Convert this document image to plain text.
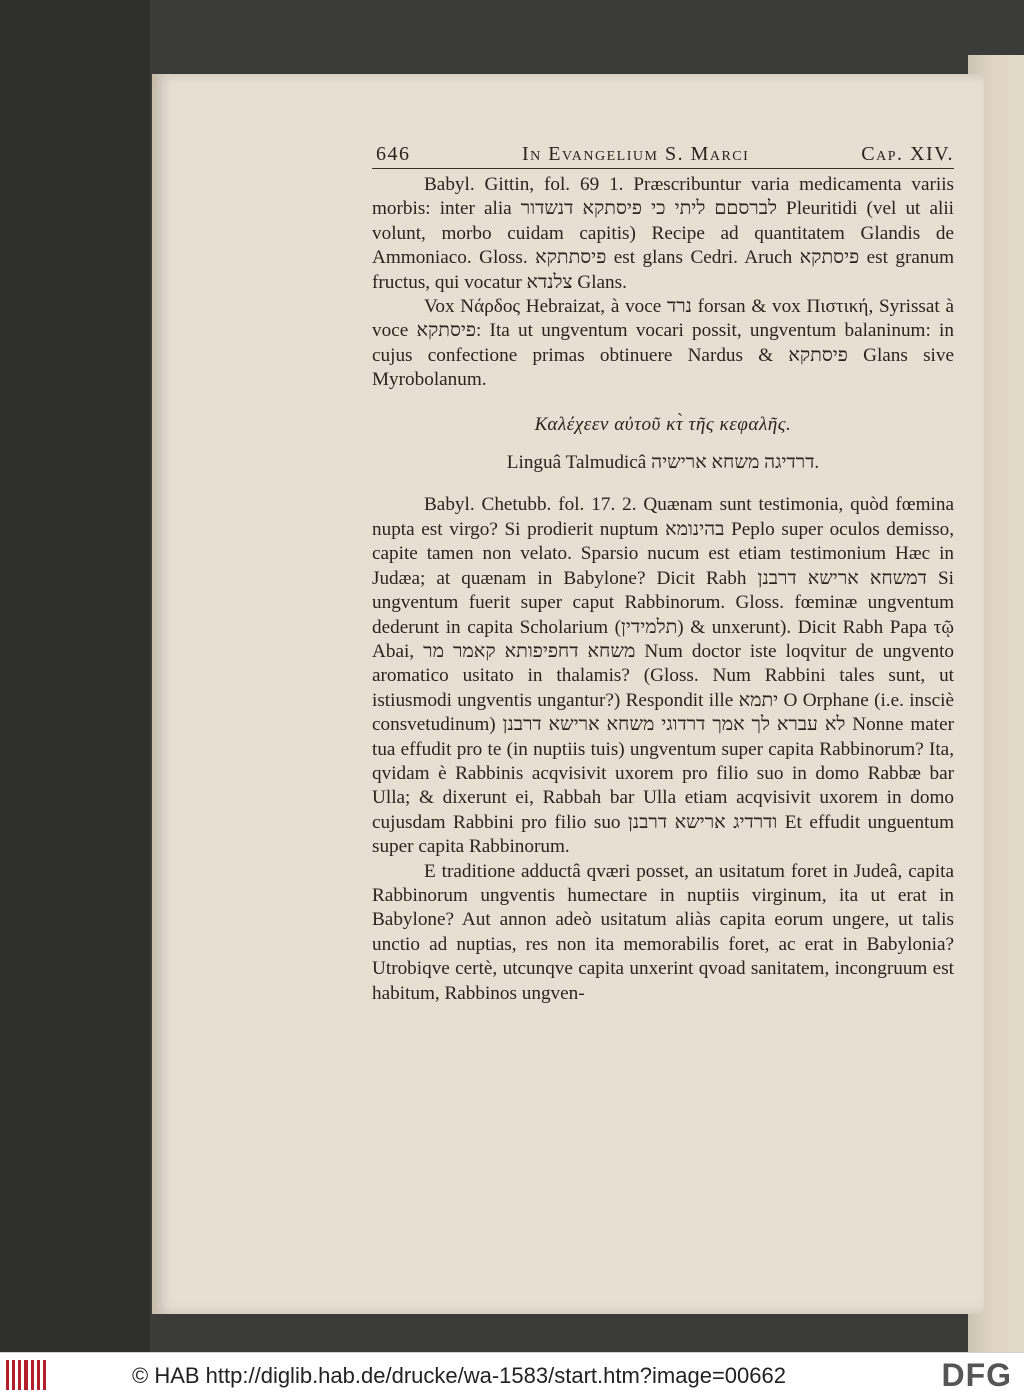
646	In Evangelium S. Marci	Cap. XIV.

Babyl. Gittin, fol. 69 1. Præscribuntur varia medicamenta variis morbis: inter alia לברסםם ליתי כי פיסתקא דנשדור Pleuritidi (vel ut alii volunt, morbo cuidam capitis) Recipe ad quantitatem Glandis de Ammoniaco. Gloss. פיסתתקא est glans Cedri. Aruch פיסתקא est granum fructus, qui vocatur צלנדא Glans.

Vox Νάρδος Hebraizat, à voce נרד forsan & vox Πιστική, Syrissat à voce פיסתקא: Ita ut ungventum vocari possit, ungventum balaninum: in cujus confectione primas obtinuere Nardus & פיסתקא Glans sive Myrobolanum.

Καλέχεεν αὐτοῦ κτ̀ τῆς κεφαλῆς.

Linguâ Talmudicâ דרדיגה משחא ארישיה.

Babyl. Chetubb. fol. 17. 2. Quænam sunt testimonia, quòd fœmina nupta est virgo? Si prodierit nuptum בהינומא Peplo super oculos demisso, capite tamen non velato. Sparsio nucum est etiam testimonium Hæc in Judæa; at quænam in Babylone? Dicit Rabh דמשחא ארישא דרבנן Si ungventum fuerit super caput Rabbinorum. Gloss. fœminæ ungventum dederunt in capita Scholarium (תלמידין) & unxerunt). Dicit Rabh Papa τῷ Abai, משחא דחפיפותא קאמר מר Num doctor iste loqvitur de ungvento aromatico usitato in thalamis? (Gloss. Num Rabbini tales sunt, ut istiusmodi ungventis ungantur?) Respondit ille יתמא O Orphane (i.e. insciè consvetudinum) לא עברא לך אמך דרדוגי משחא ארישא דרבנן Nonne mater tua effudit pro te (in nuptiis tuis) ungventum super capita Rabbinorum? Ita, qvidam è Rabbinis acqvisivit uxorem pro filio suo in domo Rabbæ bar Ulla; & dixerunt ei, Rabbah bar Ulla etiam acqvisivit uxorem in domo cujusdam Rabbini pro filio suo ודרדיג ארישא דרבנן Et effudit unguentum super capita Rabbinorum.

E traditione adductâ qværi posset, an usitatum foret in Judeâ, capita Rabbinorum ungventis humectare in nuptiis virginum, ita ut erat in Babylone? Aut annon adeò usitatum aliàs capita eorum ungere, ut talis unctio ad nuptias, res non ita memorabilis foret, ac erat in Babylonia? Utrobiqve certè, utcunqve capita unxerint qvoad sanitatem, incongruum est habitum, Rabbinos ungven-

© HAB http://diglib.hab.de/drucke/wa-1583/start.htm?image=00662	DFG
